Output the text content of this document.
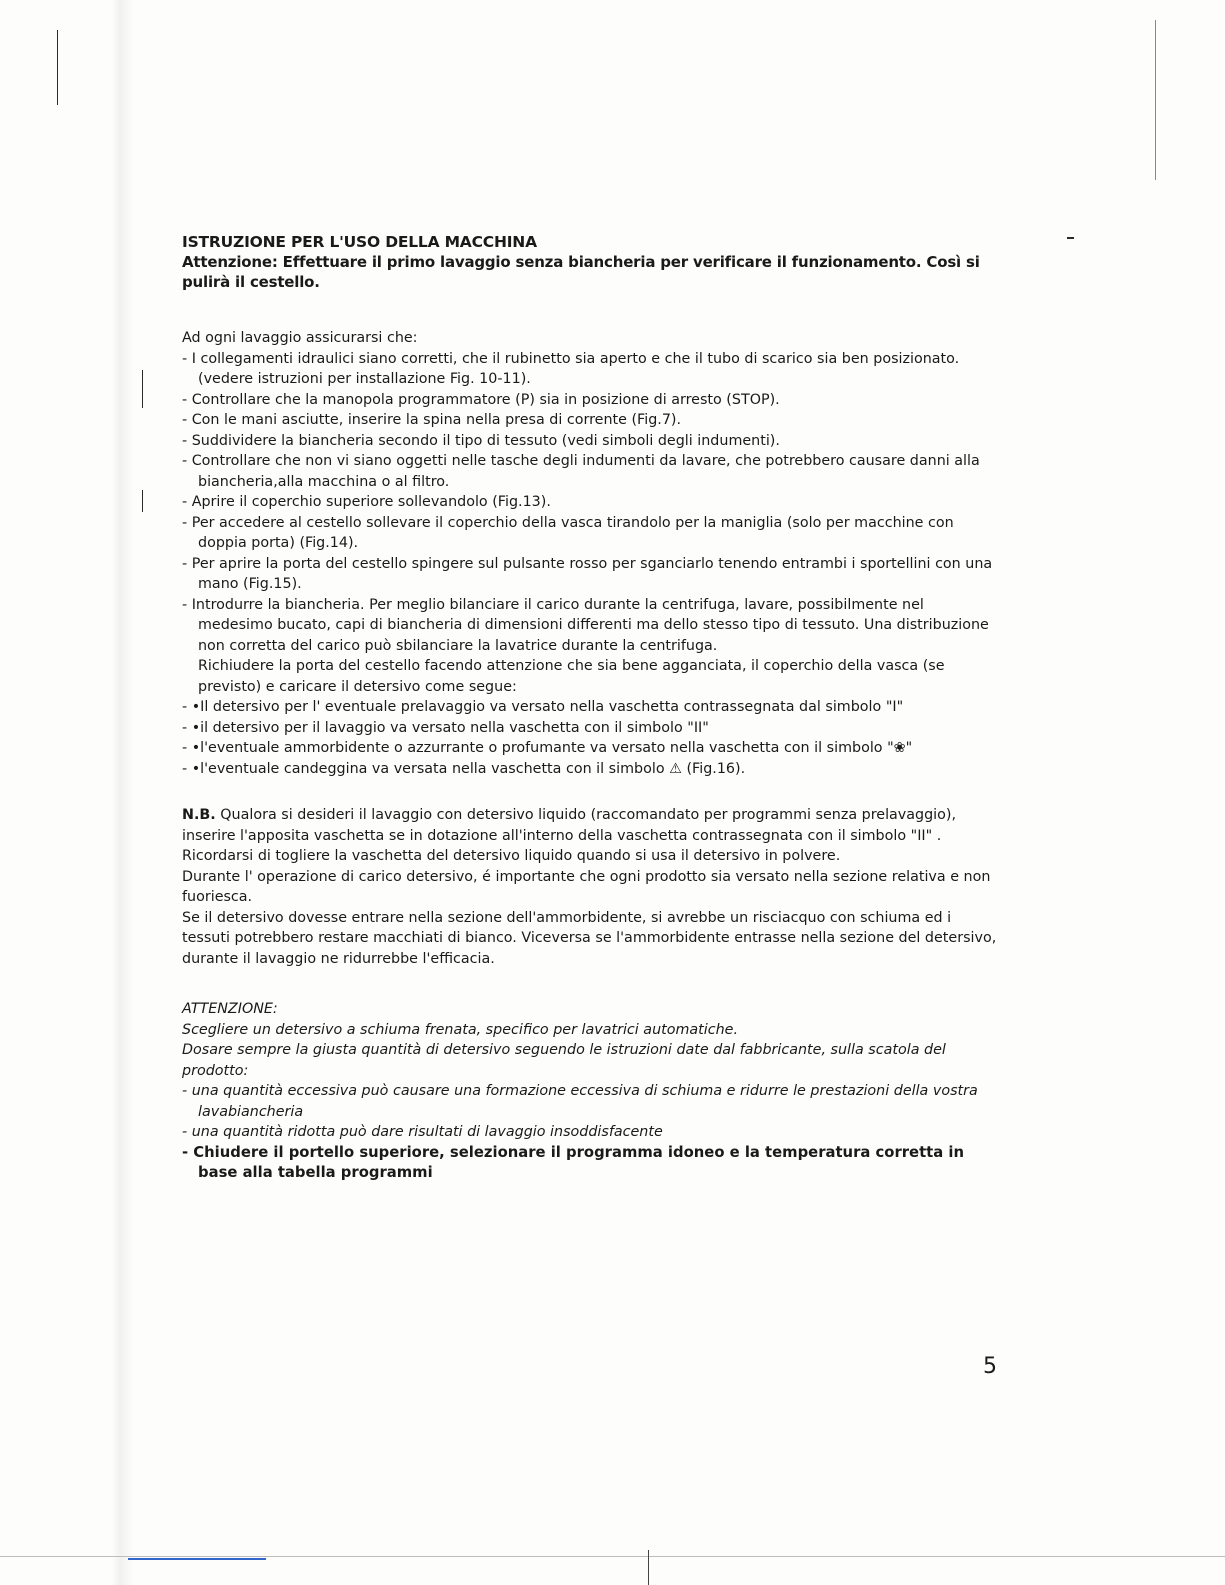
ISTRUZIONE PER L'USO DELLA MACCHINA
Attenzione: Effettuare il primo lavaggio senza biancheria per verificare il funzionamento. Così si pulirà il cestello.

Ad ogni lavaggio assicurarsi che:

- I collegamenti idraulici siano corretti, che il rubinetto sia aperto e che il tubo di scarico sia ben posizionato. (vedere istruzioni per installazione Fig. 10-11).
- Controllare che la manopola programmatore (P) sia in posizione di arresto (STOP).
- Con le mani asciutte, inserire la spina nella presa di corrente (Fig.7).
- Suddividere la biancheria secondo il tipo di tessuto (vedi simboli degli indumenti).
- Controllare che non vi siano oggetti nelle tasche degli indumenti da lavare, che potrebbero causare danni alla biancheria,alla macchina o al filtro.
- Aprire il coperchio superiore sollevandolo (Fig.13).
- Per accedere al cestello sollevare il coperchio della vasca tirandolo per la maniglia (solo per macchine con doppia porta) (Fig.14).
- Per aprire la porta del cestello spingere sul pulsante rosso per sganciarlo tenendo entrambi i sportellini con una mano (Fig.15).
- Introdurre la biancheria. Per meglio bilanciare il carico durante la centrifuga, lavare, possibilmente nel medesimo bucato, capi di biancheria di dimensioni differenti ma dello stesso tipo di tessuto. Una distribuzione non corretta del carico può sbilanciare la lavatrice durante la centrifuga.

Richiudere la porta del cestello facendo attenzione che sia bene agganciata, il coperchio della vasca (se previsto) e caricare il detersivo come segue:

- •Il detersivo per l' eventuale prelavaggio va versato nella vaschetta contrassegnata dal simbolo "I"
- •il detersivo per il lavaggio va versato nella vaschetta con il simbolo "II"
- •l'eventuale ammorbidente o azzurrante o profumante va versato nella vaschetta con il simbolo "❀"
- •l'eventuale candeggina va versata nella vaschetta con il simbolo ⚠ (Fig.16).

N.B. Qualora si desideri il lavaggio con detersivo liquido (raccomandato per programmi senza prelavaggio), inserire l'apposita vaschetta se in dotazione all'interno della vaschetta contrassegnata con il simbolo "II" .

Ricordarsi di togliere la vaschetta del detersivo liquido quando si usa il detersivo in polvere.

Durante l' operazione di carico detersivo, é importante che ogni prodotto sia versato nella sezione relativa e non fuoriesca.

Se il detersivo dovesse entrare nella sezione dell'ammorbidente, si avrebbe un risciacquo con schiuma ed i tessuti potrebbero restare macchiati di bianco. Viceversa se l'ammorbidente entrasse nella sezione del detersivo, durante il lavaggio ne ridurrebbe l'efficacia.

ATTENZIONE:

Scegliere un detersivo a schiuma frenata, specifico per lavatrici automatiche.

Dosare sempre la giusta quantità di detersivo seguendo le istruzioni date dal fabbricante, sulla scatola del prodotto:

- una quantità eccessiva può causare una formazione eccessiva di schiuma e ridurre le prestazioni della vostra lavabiancheria
- una quantità ridotta può dare risultati di lavaggio insoddisfacente
- Chiudere il portello superiore, selezionare il programma idoneo e la temperatura corretta in base alla tabella programmi
5
